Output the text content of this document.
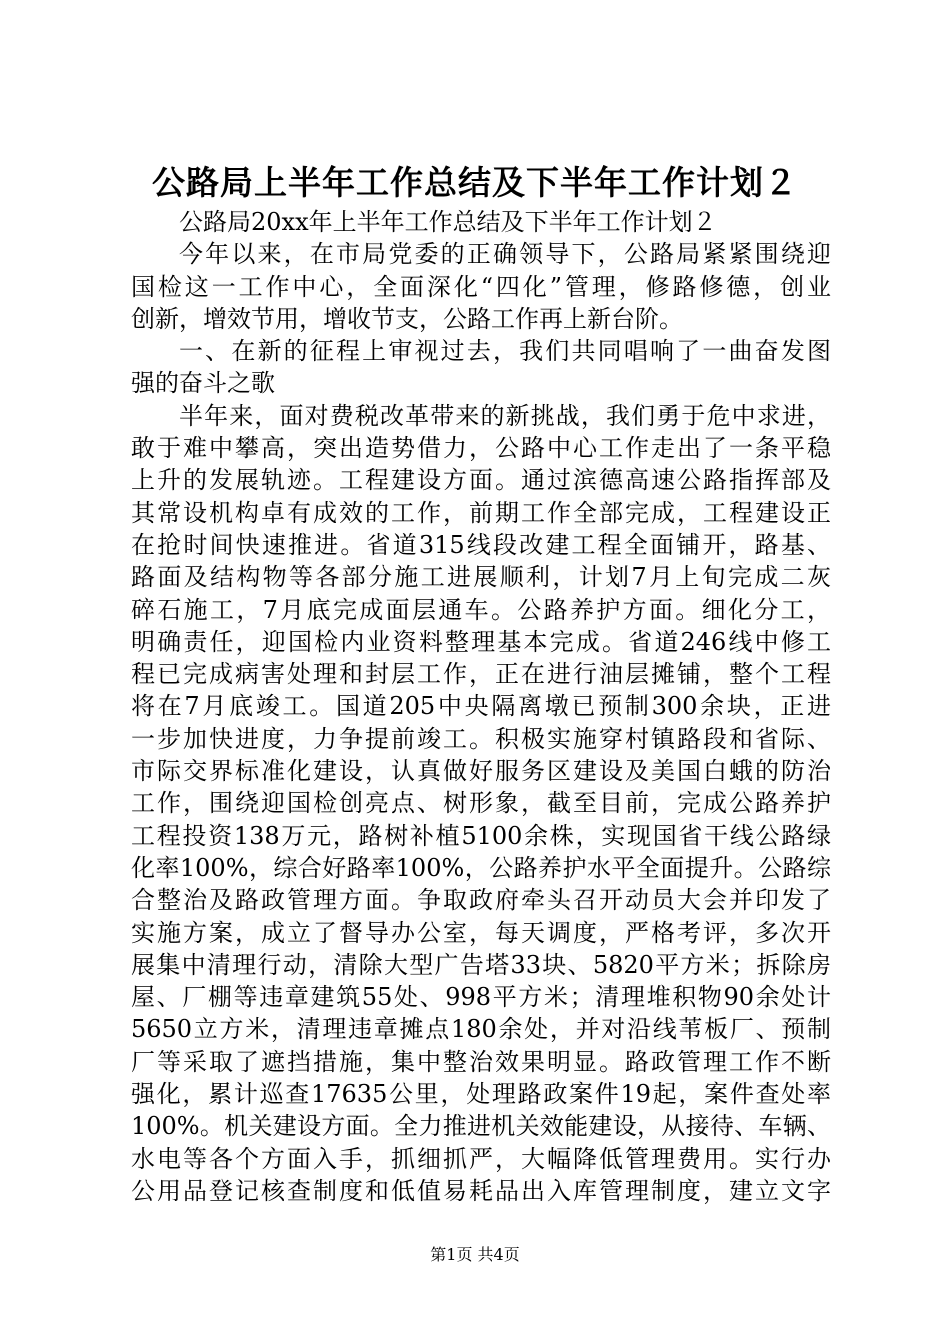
公路局上半年工作总结及下半年工作计划２
公路局20xx年上半年工作总结及下半年工作计划２
今年以来，在市局党委的正确领导下，公路局紧紧围绕迎
国检这一工作中心，全面深化“四化”管理，修路修德，创业
创新，增效节用，增收节支，公路工作再上新台阶。
一、在新的征程上审视过去，我们共同唱响了一曲奋发图
强的奋斗之歌
半年来，面对费税改革带来的新挑战，我们勇于危中求进，
敢于难中攀高，突出造势借力，公路中心工作走出了一条平稳
上升的发展轨迹。工程建设方面。通过滨德高速公路指挥部及
其常设机构卓有成效的工作，前期工作全部完成，工程建设正
在抢时间快速推进。省道315线段改建工程全面铺开，路基、
路面及结构物等各部分施工进展顺利，计划7月上旬完成二灰
碎石施工，7月底完成面层通车。公路养护方面。细化分工，
明确责任，迎国检内业资料整理基本完成。省道246线中修工
程已完成病害处理和封层工作，正在进行油层摊铺，整个工程
将在7月底竣工。国道205中央隔离墩已预制300余块，正进
一步加快进度，力争提前竣工。积极实施穿村镇路段和省际、
市际交界标准化建设，认真做好服务区建设及美国白蛾的防治
工作，围绕迎国检创亮点、树形象，截至目前，完成公路养护
工程投资138万元，路树补植5100余株，实现国省干线公路绿
化率100%，综合好路率100%，公路养护水平全面提升。公路综
合整治及路政管理方面。争取政府牵头召开动员大会并印发了
实施方案，成立了督导办公室，每天调度，严格考评，多次开
展集中清理行动，清除大型广告塔33块、5820平方米；拆除房
屋、厂棚等违章建筑55处、998平方米；清理堆积物90余处计
5650立方米，清理违章摊点180余处，并对沿线苇板厂、预制
厂等采取了遮挡措施，集中整治效果明显。路政管理工作不断
强化，累计巡查17635公里，处理路政案件19起，案件查处率
100%。机关建设方面。全力推进机关效能建设，从接待、车辆、
水电等各个方面入手，抓细抓严，大幅降低管理费用。实行办
公用品登记核查制度和低值易耗品出入库管理制度，建立文字
第1页 共4页
